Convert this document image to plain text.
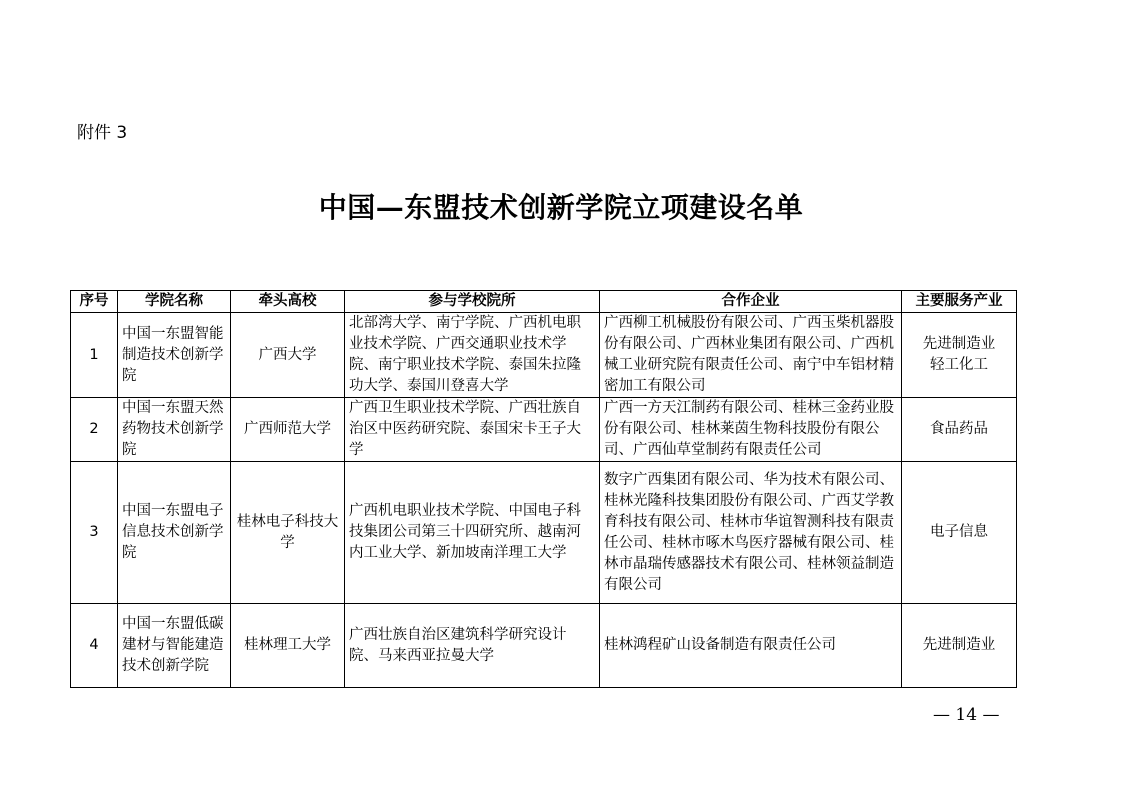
附件 3
中国—东盟技术创新学院立项建设名单
序号	学院名称	牵头高校	参与学校院所	合作企业	主要服务产业
1	中国一东盟智能制造技术创新学院	广西大学	北部湾大学、南宁学院、广西机电职业技术学院、广西交通职业技术学院、南宁职业技术学院、泰国朱拉隆功大学、泰国川登喜大学	广西柳工机械股份有限公司、广西玉柴机器股份有限公司、广西林业集团有限公司、广西机械工业研究院有限责任公司、南宁中车铝材精密加工有限公司	先进制造业
轻工化工
2	中国一东盟天然药物技术创新学院	广西师范大学	广西卫生职业技术学院、广西壮族自治区中医药研究院、泰国宋卡王子大学	广西一方天江制药有限公司、桂林三金药业股份有限公司、桂林莱茵生物科技股份有限公司、广西仙草堂制药有限责任公司	食品药品
3	中国一东盟电子信息技术创新学院	桂林电子科技大学	广西机电职业技术学院、中国电子科技集团公司第三十四研究所、越南河内工业大学、新加坡南洋理工大学	数字广西集团有限公司、华为技术有限公司、桂林光隆科技集团股份有限公司、广西艾学教育科技有限公司、桂林市华谊智测科技有限责任公司、桂林市啄木鸟医疗器械有限公司、桂林市晶瑞传感器技术有限公司、桂林领益制造有限公司	电子信息
4	中国一东盟低碳建材与智能建造技术创新学院	桂林理工大学	广西壮族自治区建筑科学研究设计院、马来西亚拉曼大学	桂林鸿程矿山设备制造有限责任公司	先进制造业
— 14 —
